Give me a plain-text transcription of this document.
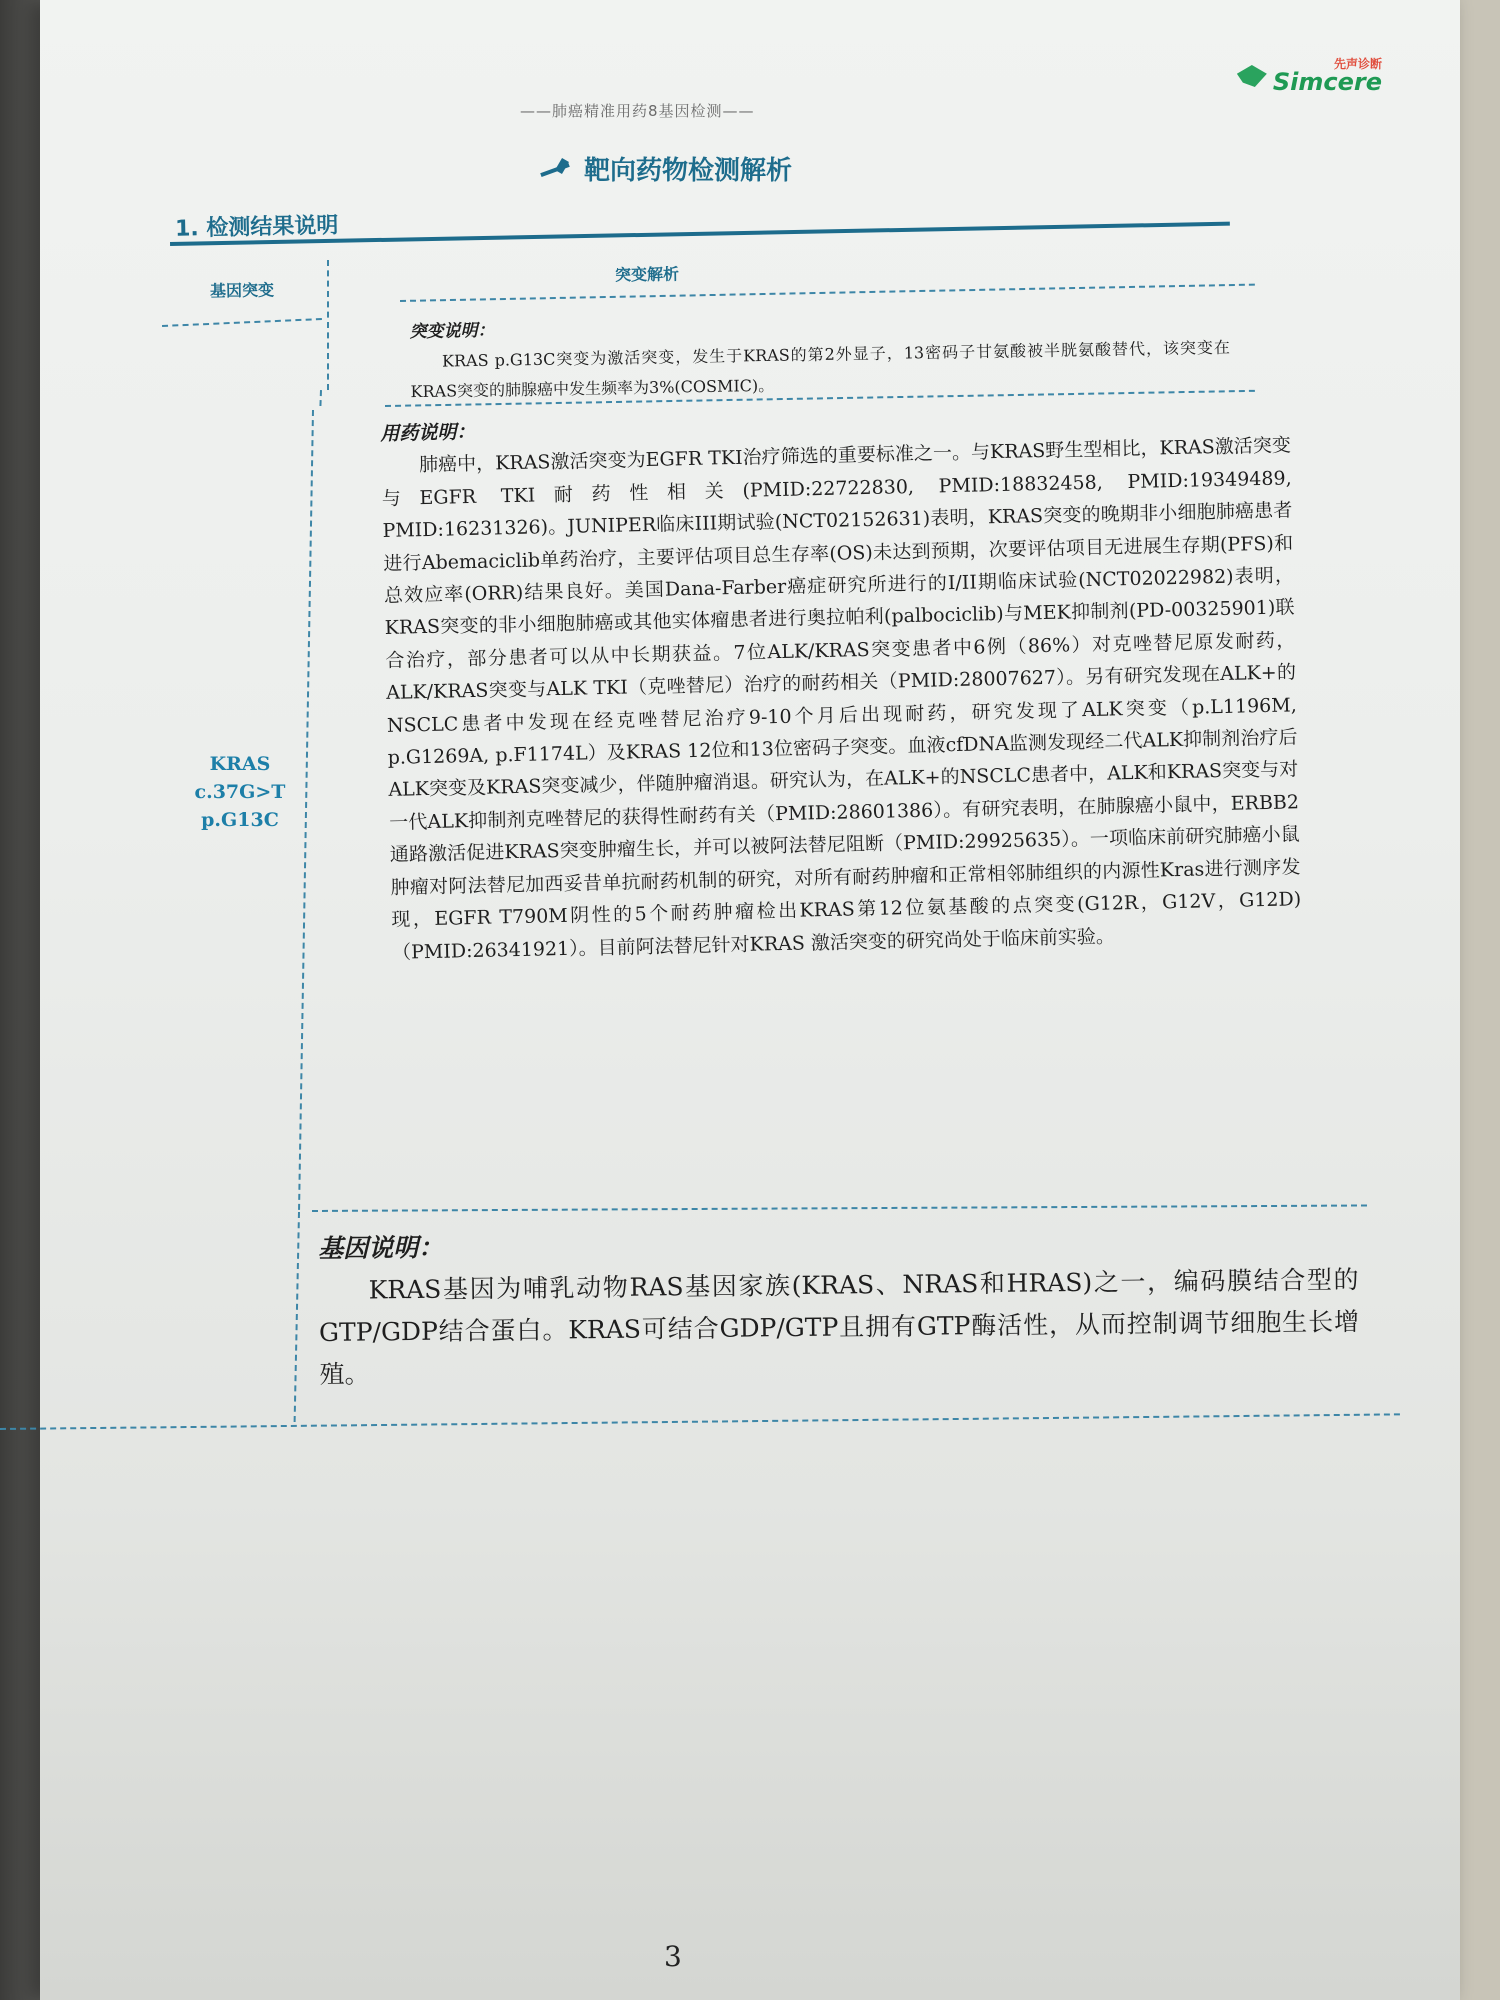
先声诊断
Simcere
——肺癌精准用药8基因检测——
靶向药物检测解析
1. 检测结果说明
基因突变
突变解析
KRAS
c.37G>T
p.G13C
突变说明：
KRAS p.G13C突变为激活突变，发生于KRAS的第2外显子，13密码子甘氨酸被半胱氨酸替代，该突变在KRAS突变的肺腺癌中发生频率为3%(COSMIC)。
用药说明：

肺癌中，KRAS激活突变为EGFR TKI治疗筛选的重要标准之一。与KRAS野生型相比，KRAS激活突变与EGFR TKI耐药性相关(PMID:22722830, PMID:18832458, PMID:19349489, PMID:16231326)。JUNIPER临床III期试验(NCT02152631)表明，KRAS突变的晚期非小细胞肺癌患者进行Abemaciclib单药治疗，主要评估项目总生存率(OS)未达到预期，次要评估项目无进展生存期(PFS)和总效应率(ORR)结果良好。美国Dana-Farber癌症研究所进行的I/II期临床试验(NCT02022982)表明，KRAS突变的非小细胞肺癌或其他实体瘤患者进行奥拉帕利(palbociclib)与MEK抑制剂(PD-00325901)联合治疗，部分患者可以从中长期获益。7位ALK/KRAS突变患者中6例（86%）对克唑替尼原发耐药，ALK/KRAS突变与ALK TKI（克唑替尼）治疗的耐药相关（PMID:28007627）。另有研究发现在ALK+的NSCLC患者中发现在经克唑替尼治疗9-10个月后出现耐药，研究发现了ALK突变（p.L1196M, p.G1269A, p.F1174L）及KRAS 12位和13位密码子突变。血液cfDNA监测发现经二代ALK抑制剂治疗后ALK突变及KRAS突变减少，伴随肿瘤消退。研究认为，在ALK+的NSCLC患者中，ALK和KRAS突变与对一代ALK抑制剂克唑替尼的获得性耐药有关（PMID:28601386）。有研究表明，在肺腺癌小鼠中，ERBB2通路激活促进KRAS突变肿瘤生长，并可以被阿法替尼阻断（PMID:29925635）。一项临床前研究肺癌小鼠肿瘤对阿法替尼加西妥昔单抗耐药机制的研究，对所有耐药肿瘤和正常相邻肺组织的内源性Kras进行测序发现，EGFR T790M阴性的5个耐药肿瘤检出KRAS第12位氨基酸的点突变(G12R，G12V，G12D)（PMID:26341921）。目前阿法替尼针对KRAS 激活突变的研究尚处于临床前实验。

基因说明：
KRAS基因为哺乳动物RAS基因家族(KRAS、NRAS和HRAS)之一，编码膜结合型的GTP/GDP结合蛋白。KRAS可结合GDP/GTP且拥有GTP酶活性，从而控制调节细胞生长增殖。
3
